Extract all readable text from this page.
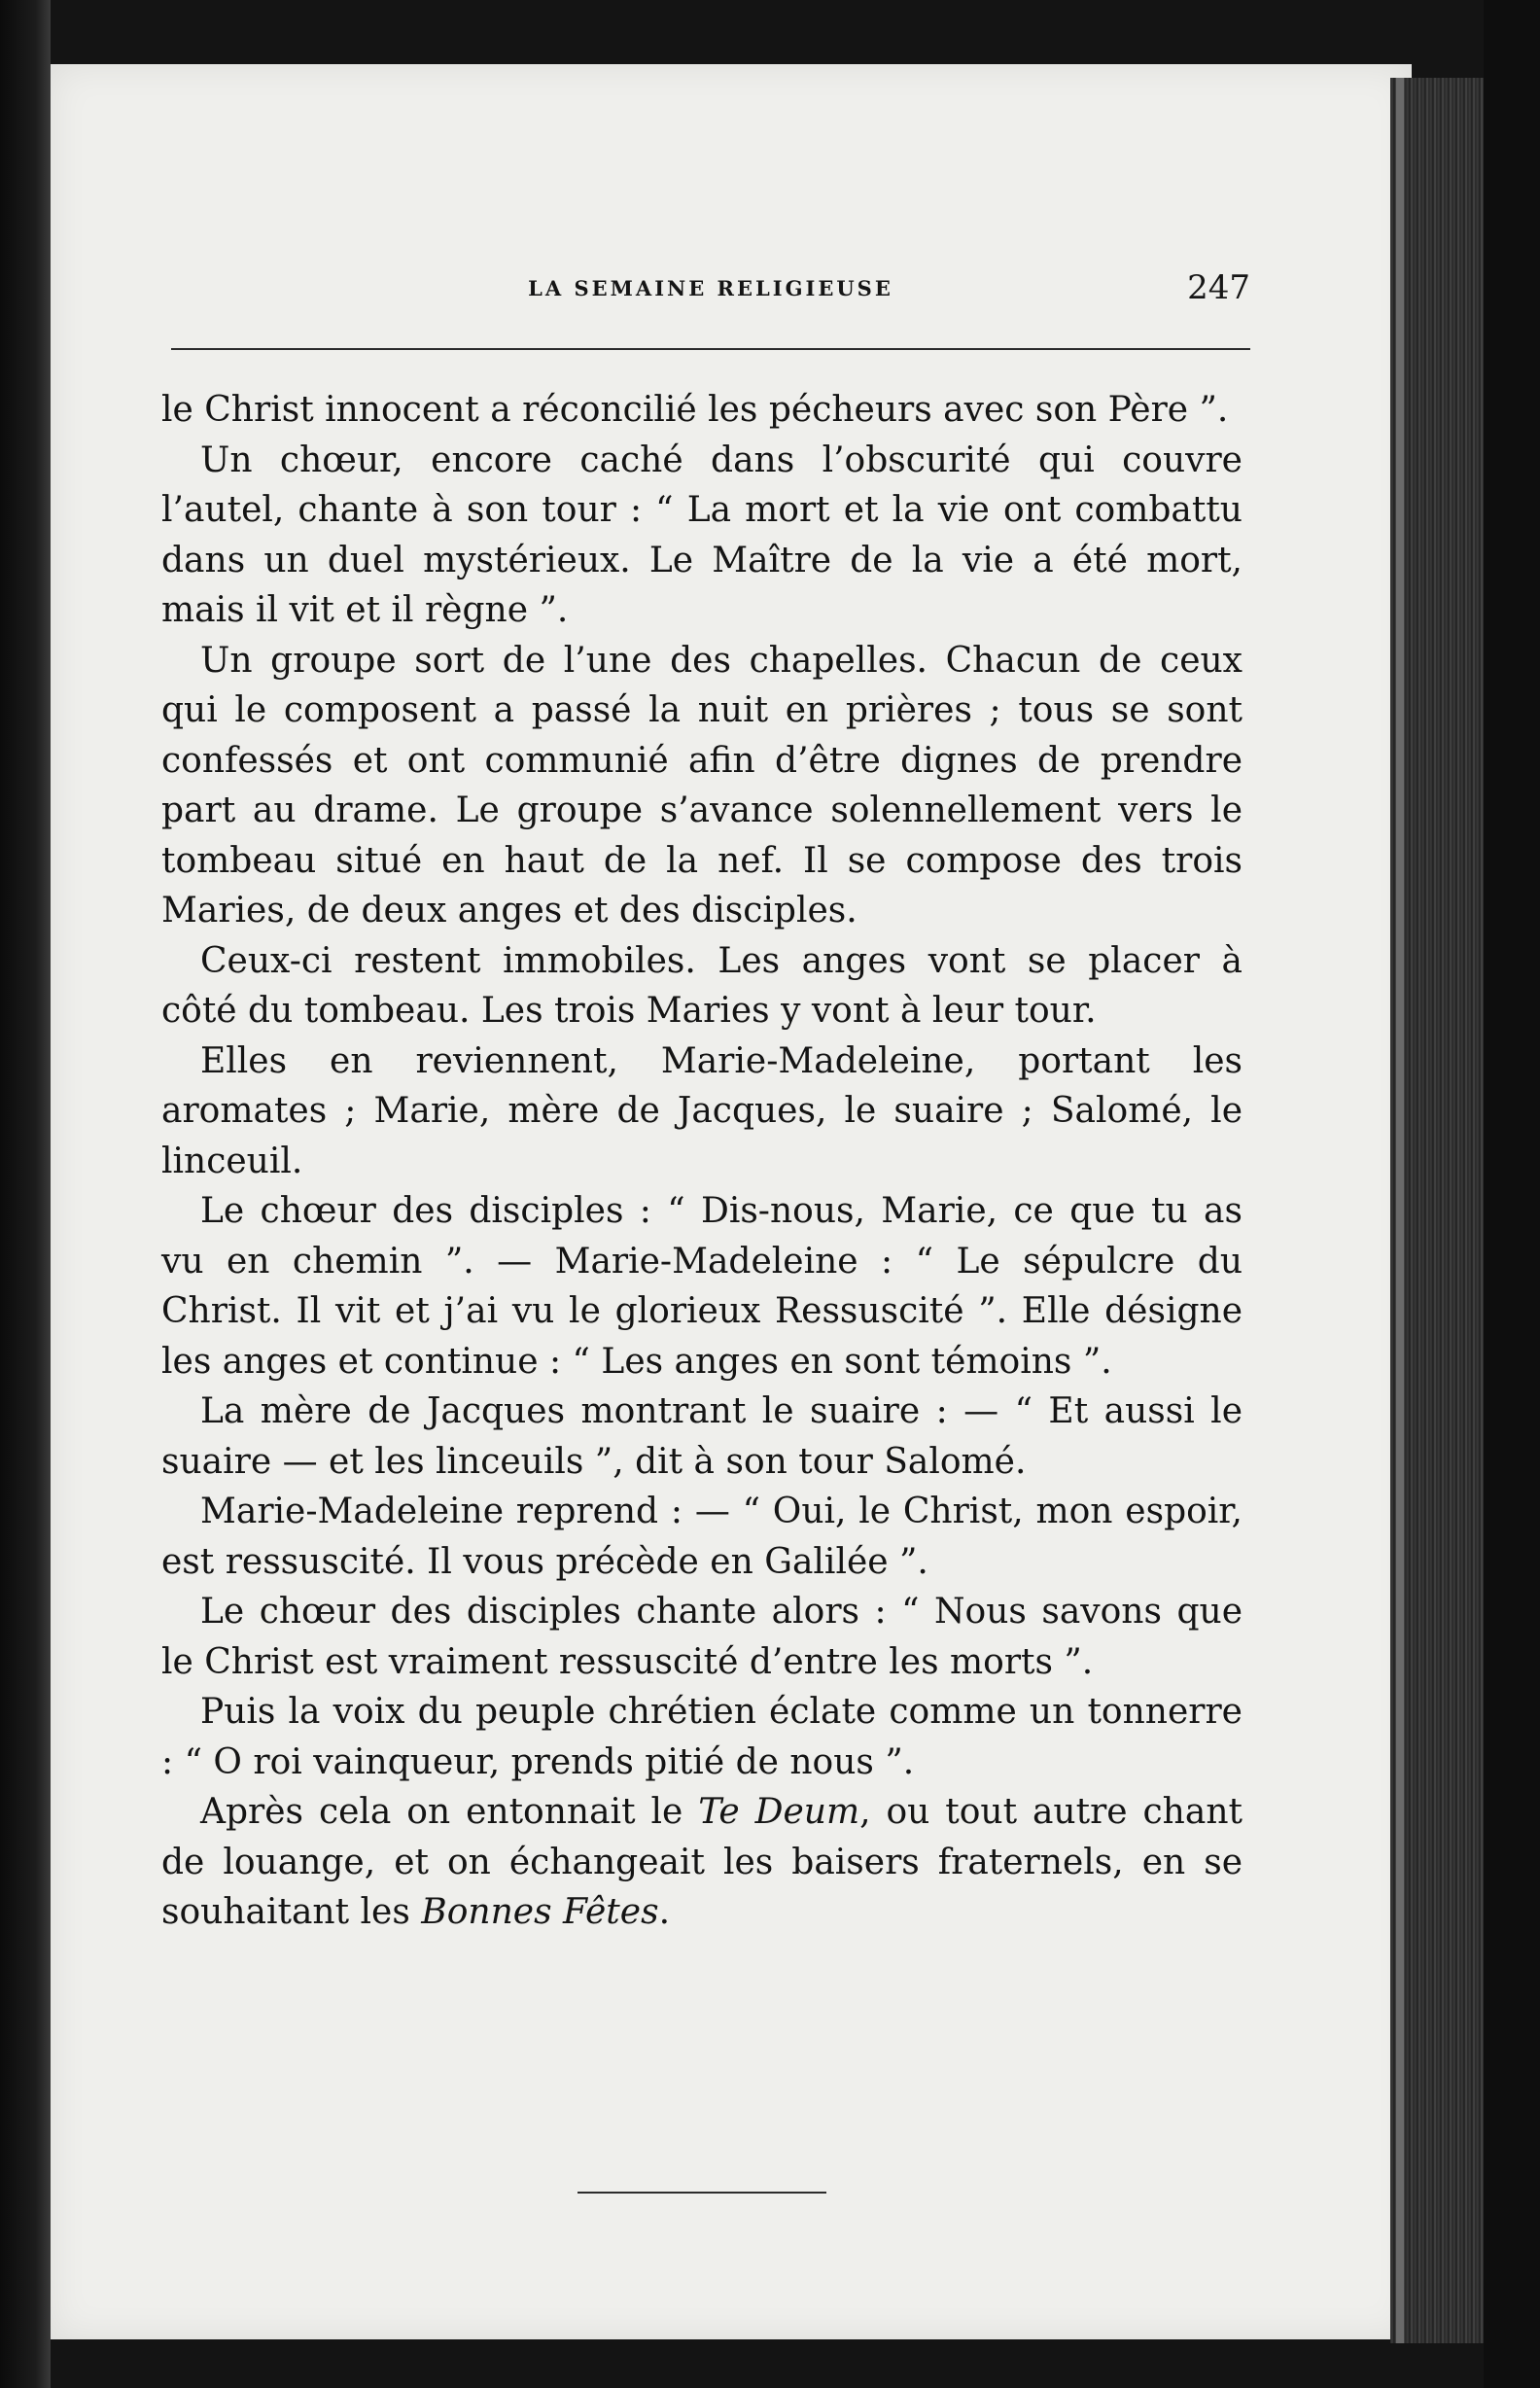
LA SEMAINE RELIGIEUSE	247

le Christ innocent a réconcilié les pécheurs avec son Père ”.

Un chœur, encore caché dans l’obscurité qui couvre l’autel, chante à son tour : “ La mort et la vie ont combattu dans un duel mystérieux. Le Maître de la vie a été mort, mais il vit et il règne ”.

Un groupe sort de l’une des chapelles. Chacun de ceux qui le composent a passé la nuit en prières ; tous se sont confessés et ont communié afin d’être dignes de prendre part au drame. Le groupe s’avance solennellement vers le tombeau situé en haut de la nef. Il se compose des trois Maries, de deux anges et des disciples.

Ceux-ci restent immobiles. Les anges vont se placer à côté du tombeau. Les trois Maries y vont à leur tour.

Elles en reviennent, Marie-Madeleine, portant les aromates ; Marie, mère de Jacques, le suaire ; Salomé, le linceuil.

Le chœur des disciples : “ Dis-nous, Marie, ce que tu as vu en chemin ”. — Marie-Madeleine : “ Le sépulcre du Christ. Il vit et j’ai vu le glorieux Ressuscité ”. Elle désigne les anges et continue : “ Les anges en sont témoins ”.

La mère de Jacques montrant le suaire : — “ Et aussi le suaire — et les linceuils ”, dit à son tour Salomé.

Marie-Madeleine reprend : — “ Oui, le Christ, mon espoir, est ressuscité. Il vous précède en Galilée ”.

Le chœur des disciples chante alors : “ Nous savons que le Christ est vraiment ressuscité d’entre les morts ”.

Puis la voix du peuple chrétien éclate comme un tonnerre : “ O roi vainqueur, prends pitié de nous ”.

Après cela on entonnait le Te Deum, ou tout autre chant de louange, et on échangeait les baisers fraternels, en se souhaitant les Bonnes Fêtes.
